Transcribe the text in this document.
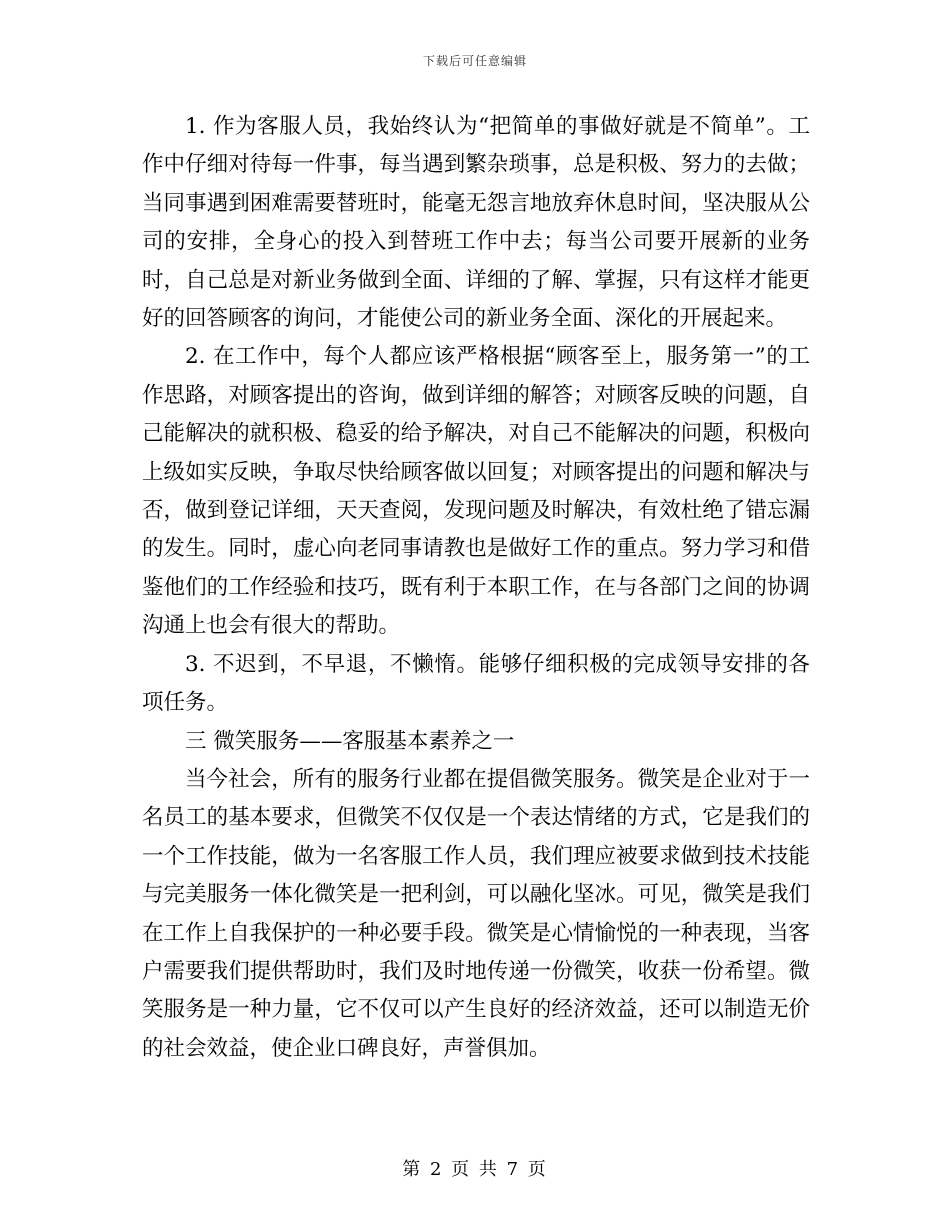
下载后可任意编辑

1. 作为客服人员，我始终认为“把简单的事做好就是不简单”。工作中仔细对待每一件事，每当遇到繁杂琐事，总是积极、努力的去做；当同事遇到困难需要替班时，能毫无怨言地放弃休息时间，坚决服从公司的安排，全身心的投入到替班工作中去；每当公司要开展新的业务时，自己总是对新业务做到全面、详细的了解、掌握，只有这样才能更好的回答顾客的询问，才能使公司的新业务全面、深化的开展起来。

2. 在工作中，每个人都应该严格根据“顾客至上，服务第一”的工作思路，对顾客提出的咨询，做到详细的解答；对顾客反映的问题，自己能解决的就积极、稳妥的给予解决，对自己不能解决的问题，积极向上级如实反映，争取尽快给顾客做以回复；对顾客提出的问题和解决与否，做到登记详细，天天查阅，发现问题及时解决，有效杜绝了错忘漏的发生。同时，虚心向老同事请教也是做好工作的重点。努力学习和借鉴他们的工作经验和技巧，既有利于本职工作，在与各部门之间的协调沟通上也会有很大的帮助。

3. 不迟到，不早退，不懒惰。能够仔细积极的完成领导安排的各项任务。

三 微笑服务——客服基本素养之一

当今社会，所有的服务行业都在提倡微笑服务。微笑是企业对于一名员工的基本要求，但微笑不仅仅是一个表达情绪的方式，它是我们的一个工作技能，做为一名客服工作人员，我们理应被要求做到技术技能与完美服务一体化微笑是一把利剑，可以融化坚冰。可见，微笑是我们在工作上自我保护的一种必要手段。微笑是心情愉悦的一种表现，当客户需要我们提供帮助时，我们及时地传递一份微笑，收获一份希望。微笑服务是一种力量，它不仅可以产生良好的经济效益，还可以制造无价的社会效益，使企业口碑良好，声誉俱加。

第 2 页 共 7 页
